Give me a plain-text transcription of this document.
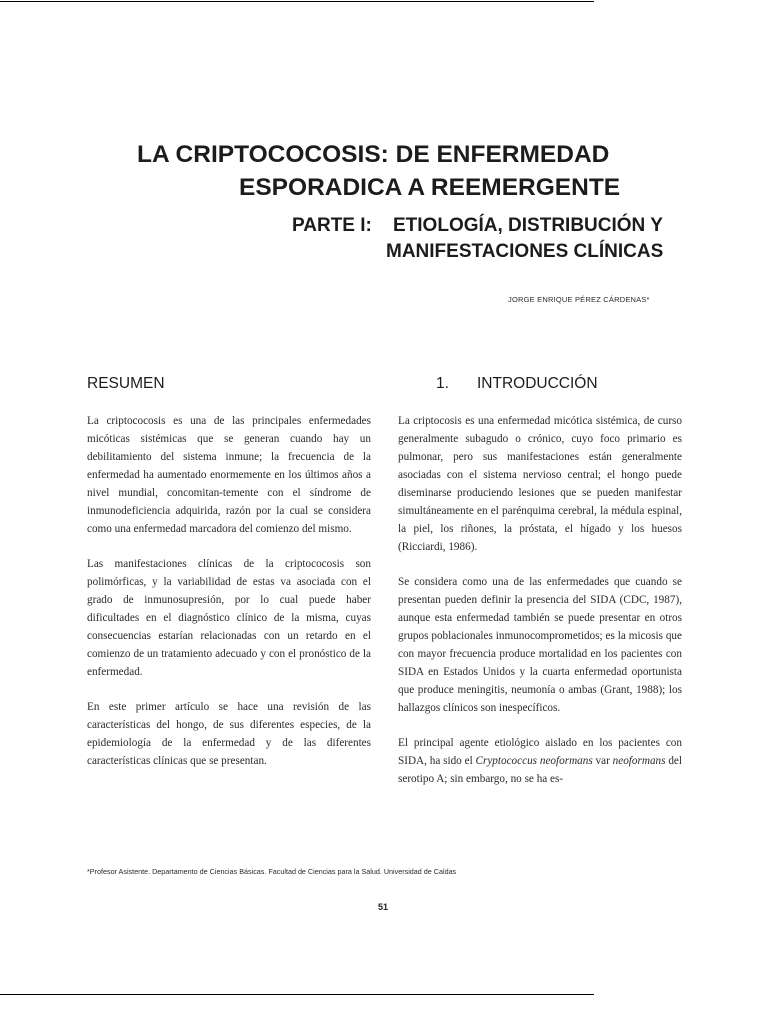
LA CRIPTOCOCOSIS: DE ENFERMEDAD
ESPORADICA A REEMERGENTE
PARTE I: ETIOLOGÍA, DISTRIBUCIÓN Y
MANIFESTACIONES CLÍNICAS
JORGE ENRIQUE PÉREZ CÁRDENAS*
RESUMEN

La criptococosis es una de las principales enfermedades micóticas sistémicas que se generan cuando hay un debilitamiento del sistema inmune; la frecuencia de la enfermedad ha aumentado enormemente en los últimos años a nivel mundial, concomitan-temente con el síndrome de inmunodeficiencia adquirida, razón por la cual se considera como una enfermedad marcadora del comienzo del mismo.

Las manifestaciones clínicas de la criptococosis son polimórficas, y la variabilidad de estas va asociada con el grado de inmunosupresión, por lo cual puede haber dificultades en el diagnóstico clínico de la misma, cuyas consecuencias estarían relacionadas con un retardo en el comienzo de un tratamiento adecuado y con el pronóstico de la enfermedad.

En este primer artículo se hace una revisión de las características del hongo, de sus diferentes especies, de la epidemiología de la enfermedad y de las diferentes características clínicas que se presentan.

1. INTRODUCCIÓN

La criptocosis es una enfermedad micótica sistémica, de curso generalmente subagudo o crónico, cuyo foco primario es pulmonar, pero sus manifestaciones están generalmente asociadas con el sistema nervioso central; el hongo puede diseminarse produciendo lesiones que se pueden manifestar simultáneamente en el parénquima cerebral, la médula espinal, la piel, los riñones, la próstata, el hígado y los huesos (Ricciardi, 1986).

Se considera como una de las enfermedades que cuando se presentan pueden definir la presencia del SIDA (CDC, 1987), aunque esta enfermedad también se puede presentar en otros grupos poblacionales inmunocomprometidos; es la micosis que con mayor frecuencia produce mortalidad en los pacientes con SIDA en Estados Unidos y la cuarta enfermedad oportunista que produce meningitis, neumonía o ambas (Grant, 1988); los hallazgos clínicos son inespecíficos.

El principal agente etiológico aislado en los pacientes con SIDA, ha sido el Cryptococcus neoformans var neoformans del serotipo A; sin embargo, no se ha es-

*Profesor Asistente. Departamento de Ciencias Básicas. Facultad de Ciencias para la Salud. Universidad de Caldas
51
